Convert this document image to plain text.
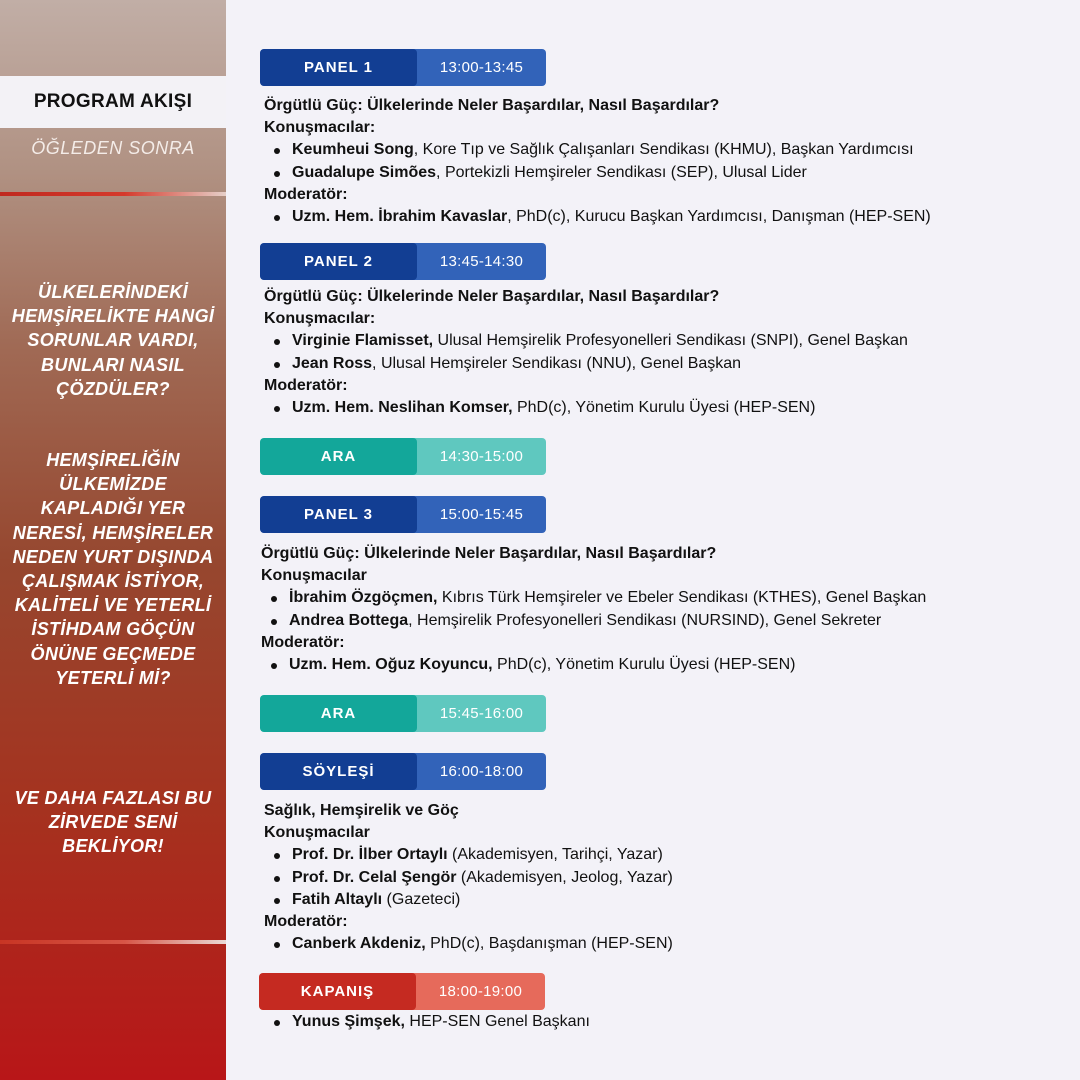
PROGRAM AKIŞI
ÖĞLEDEN SONRA
ÜLKELERİNDEKİ HEMŞİRELİKTE HANGİ SORUNLAR VARDI, BUNLARI NASIL ÇÖZDÜLER?
HEMŞİRELİĞİN ÜLKEMİZDE KAPLADIĞI YER NERESİ, HEMŞİRELER NEDEN YURT DIŞINDA ÇALIŞMAK İSTİYOR, KALİTELİ VE YETERLİ İSTİHDAM GÖÇÜN ÖNÜNE GEÇMEDE YETERLİ Mİ?
VE DAHA FAZLASI BU ZİRVEDE SENİ BEKLİYOR!
PANEL 1	13:00-13:45
Örgütlü Güç: Ülkelerinde Neler Başardılar, Nasıl Başardılar?
Konuşmacılar:
Keumheui Song, Kore Tıp ve Sağlık Çalışanları Sendikası (KHMU), Başkan Yardımcısı
Guadalupe Simões, Portekizli Hemşireler Sendikası (SEP), Ulusal Lider
Moderatör:
Uzm. Hem. İbrahim Kavaslar, PhD(c), Kurucu Başkan Yardımcısı, Danışman (HEP-SEN)
PANEL 2	13:45-14:30
Örgütlü Güç: Ülkelerinde Neler Başardılar, Nasıl Başardılar?
Konuşmacılar:
Virginie Flamisset, Ulusal Hemşirelik Profesyonelleri Sendikası (SNPI), Genel Başkan
Jean Ross, Ulusal Hemşireler Sendikası (NNU), Genel Başkan
Moderatör:
Uzm. Hem. Neslihan Komser, PhD(c), Yönetim Kurulu Üyesi (HEP-SEN)
ARA	14:30-15:00
PANEL 3	15:00-15:45
Örgütlü Güç: Ülkelerinde Neler Başardılar, Nasıl Başardılar?
Konuşmacılar
İbrahim Özgöçmen, Kıbrıs Türk Hemşireler ve Ebeler Sendikası (KTHES), Genel Başkan
Andrea Bottega, Hemşirelik Profesyonelleri Sendikası (NURSIND), Genel Sekreter
Moderatör:
Uzm. Hem. Oğuz Koyuncu, PhD(c), Yönetim Kurulu Üyesi (HEP-SEN)
ARA	15:45-16:00
SÖYLEŞİ	16:00-18:00
Sağlık, Hemşirelik ve Göç
Konuşmacılar
Prof. Dr. İlber Ortaylı (Akademisyen, Tarihçi, Yazar)
Prof. Dr. Celal Şengör (Akademisyen, Jeolog, Yazar)
Fatih Altaylı (Gazeteci)
Moderatör:
Canberk Akdeniz, PhD(c), Başdanışman (HEP-SEN)
KAPANIŞ	18:00-19:00
Yunus Şimşek, HEP-SEN Genel Başkanı
